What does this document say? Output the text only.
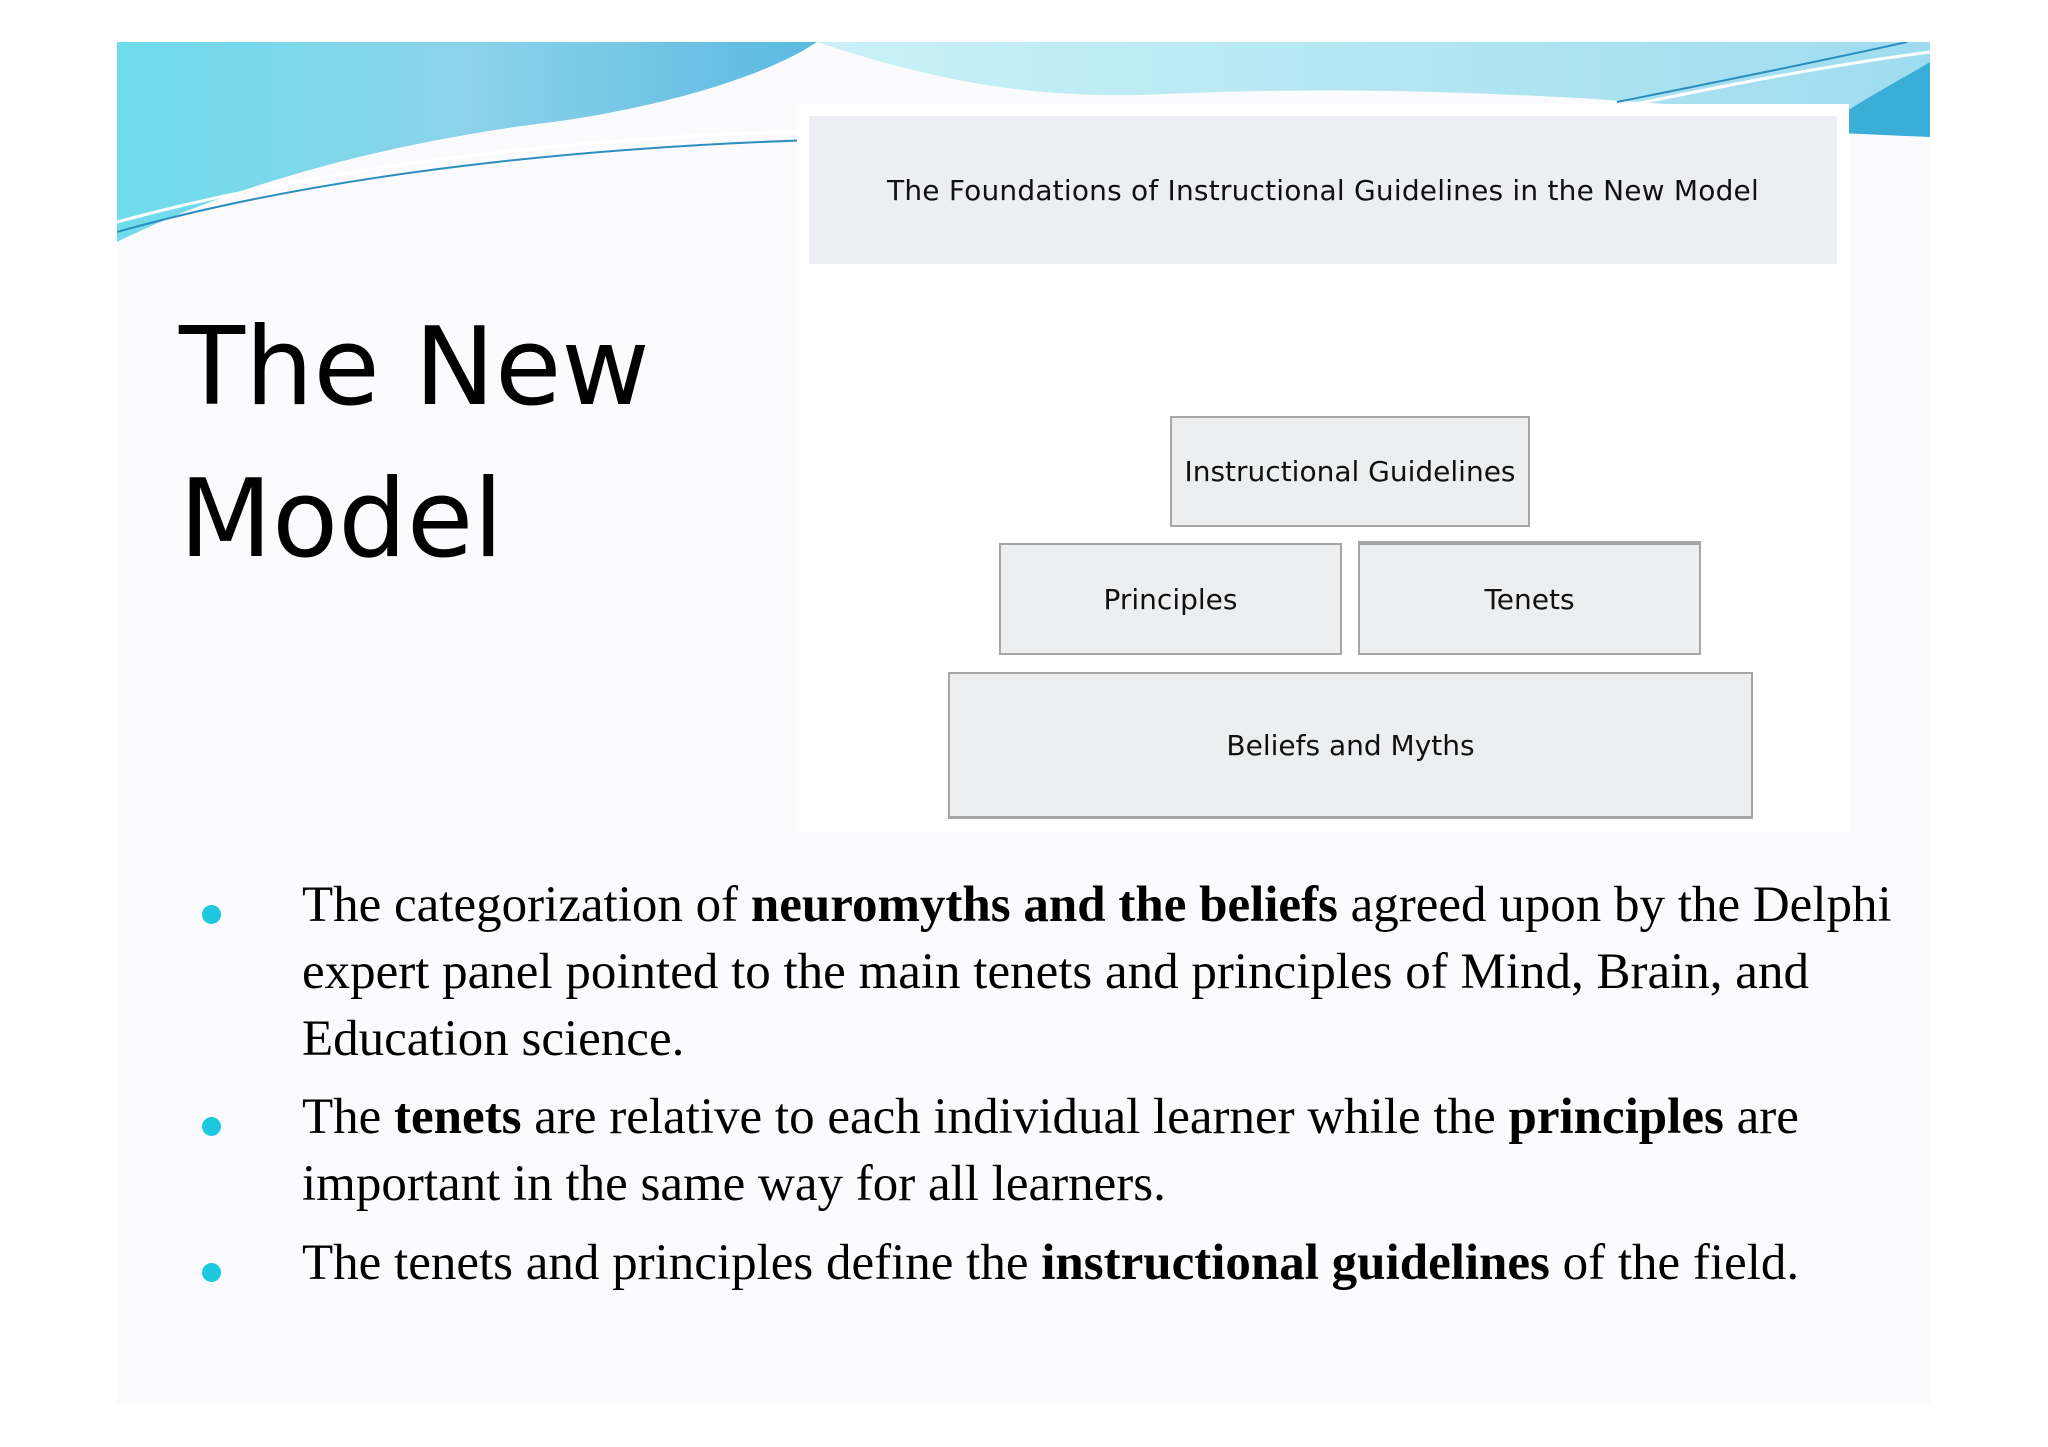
The New
Model
The Foundations of Instructional Guidelines in the New Model
Instructional Guidelines
Principles	Tenets
Beliefs and Myths

The categorization of neuromyths and the beliefs agreed upon by the Delphi expert panel pointed to the main tenets and principles of Mind, Brain, and Education science.

The tenets are relative to each individual learner while the principles are important in the same way for all learners.

The tenets and principles define the instructional guidelines of the field.
